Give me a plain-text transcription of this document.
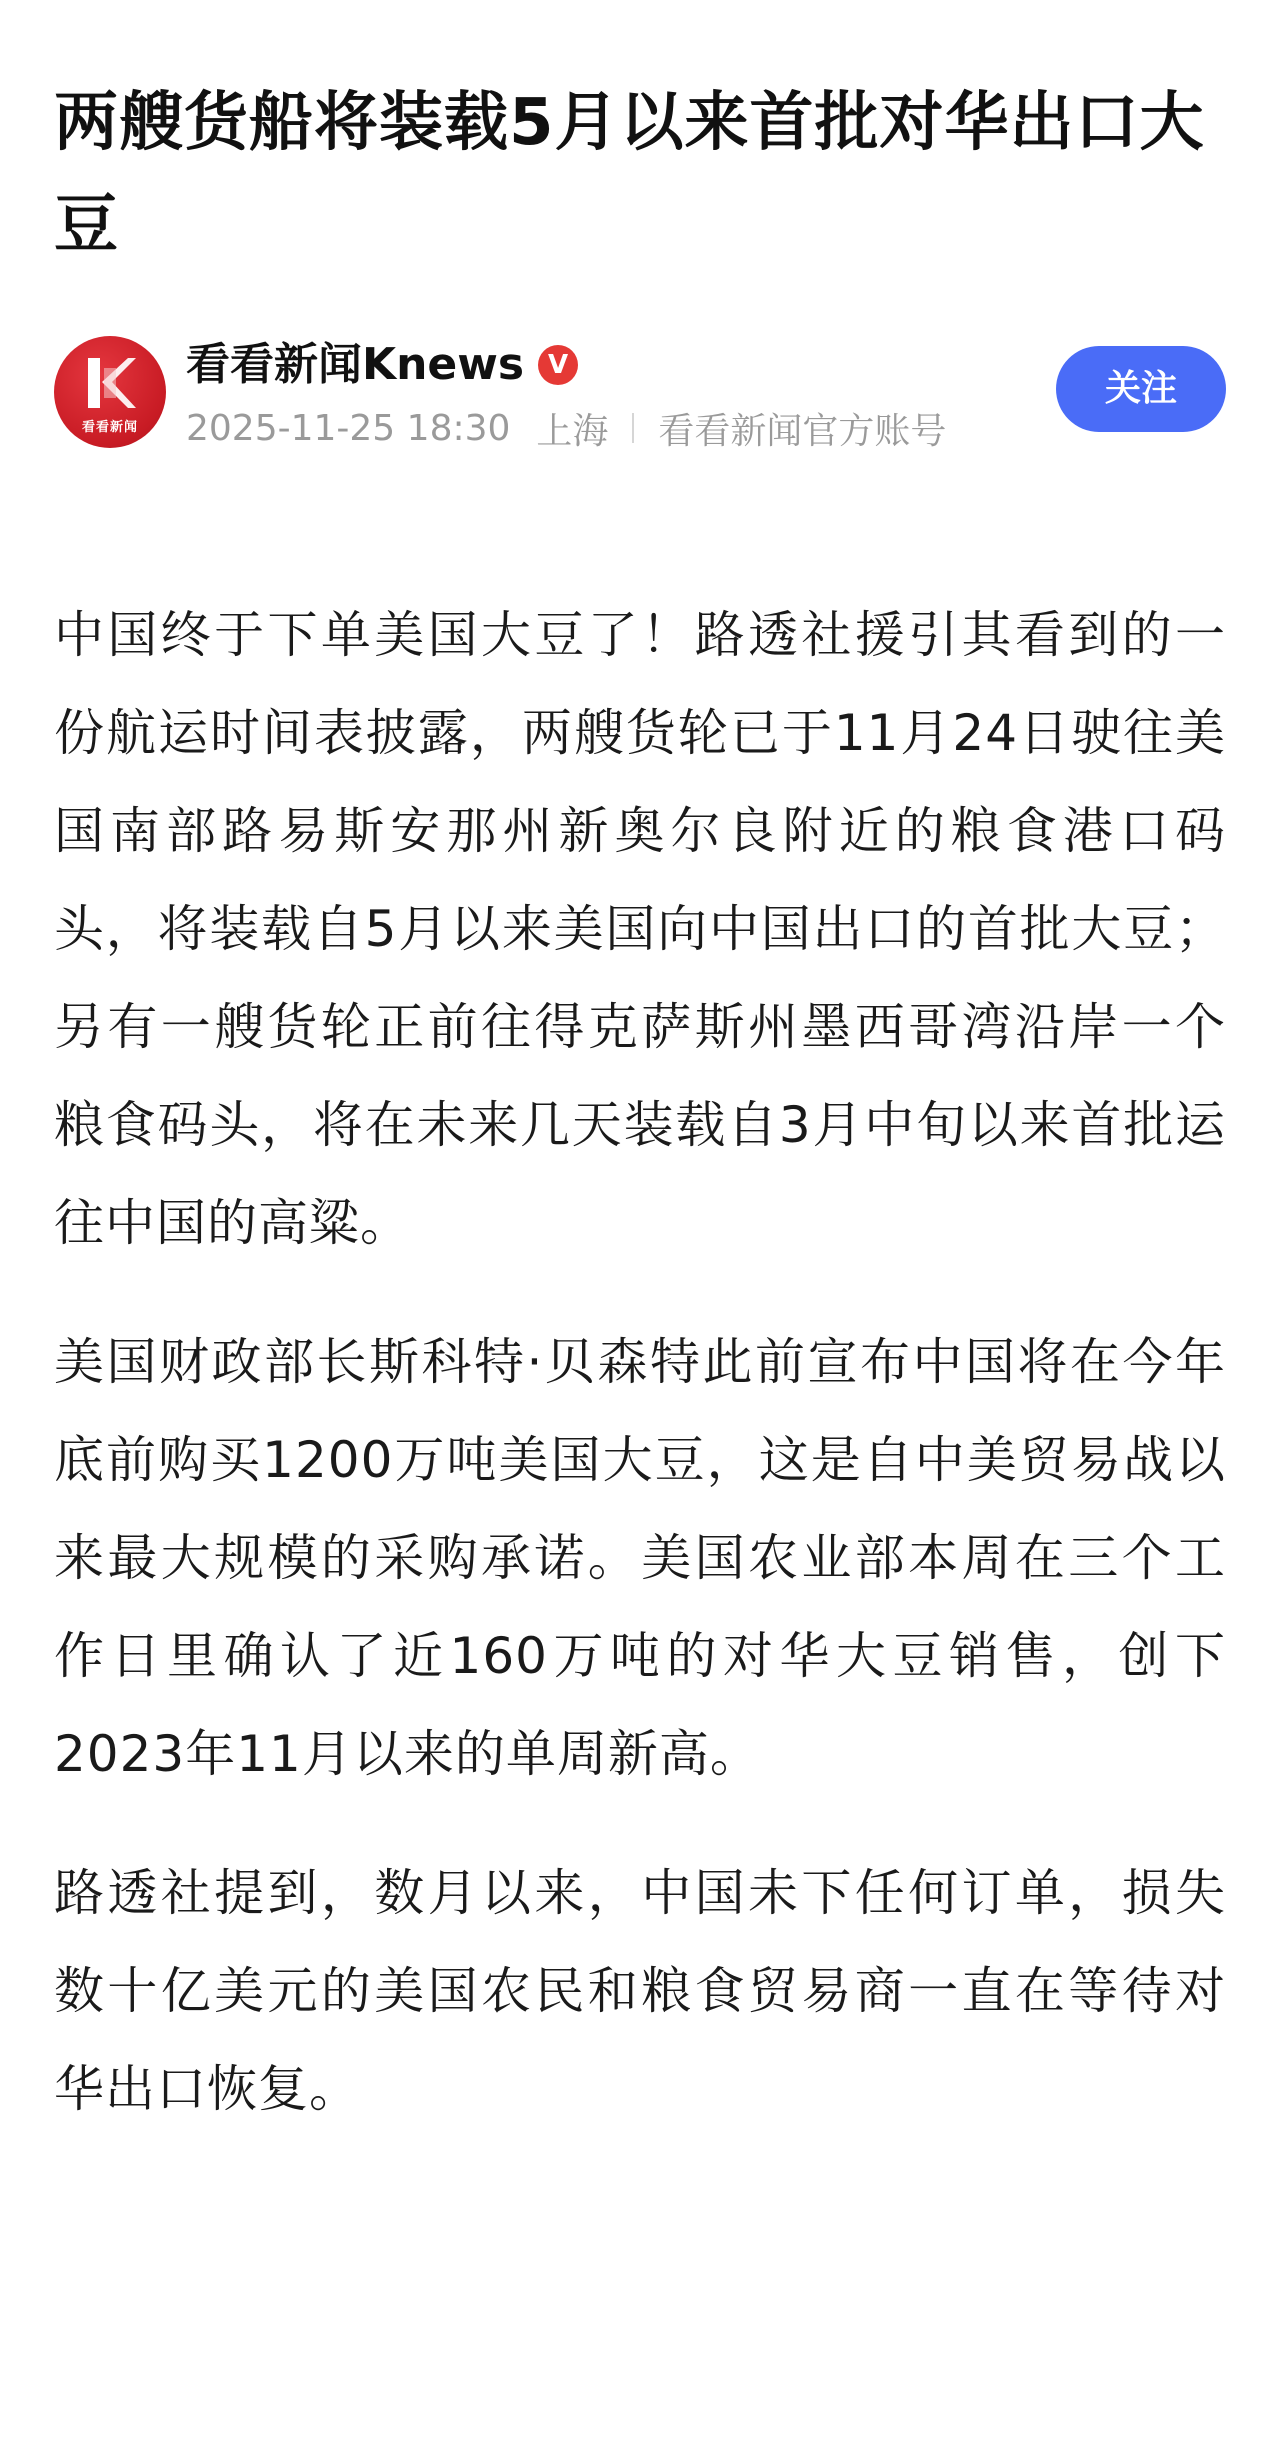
两艘货船将装载5月以来首批对华出口大豆
看看新闻
看看新闻Knews V
2025-11-25 18:30 上海 看看新闻官方账号
关注

中国终于下单美国大豆了！路透社援引其看到的一份航运时间表披露，两艘货轮已于11月24日驶往美国南部路易斯安那州新奥尔良附近的粮食港口码头，将装载自5月以来美国向中国出口的首批大豆；另有一艘货轮正前往得克萨斯州墨西哥湾沿岸一个粮食码头，将在未来几天装载自3月中旬以来首批运往中国的高粱。

美国财政部长斯科特·贝森特此前宣布中国将在今年底前购买1200万吨美国大豆，这是自中美贸易战以来最大规模的采购承诺。美国农业部本周在三个工作日里确认了近160万吨的对华大豆销售，创下2023年11月以来的单周新高。

路透社提到，数月以来，中国未下任何订单，损失数十亿美元的美国农民和粮食贸易商一直在等待对华出口恢复。
